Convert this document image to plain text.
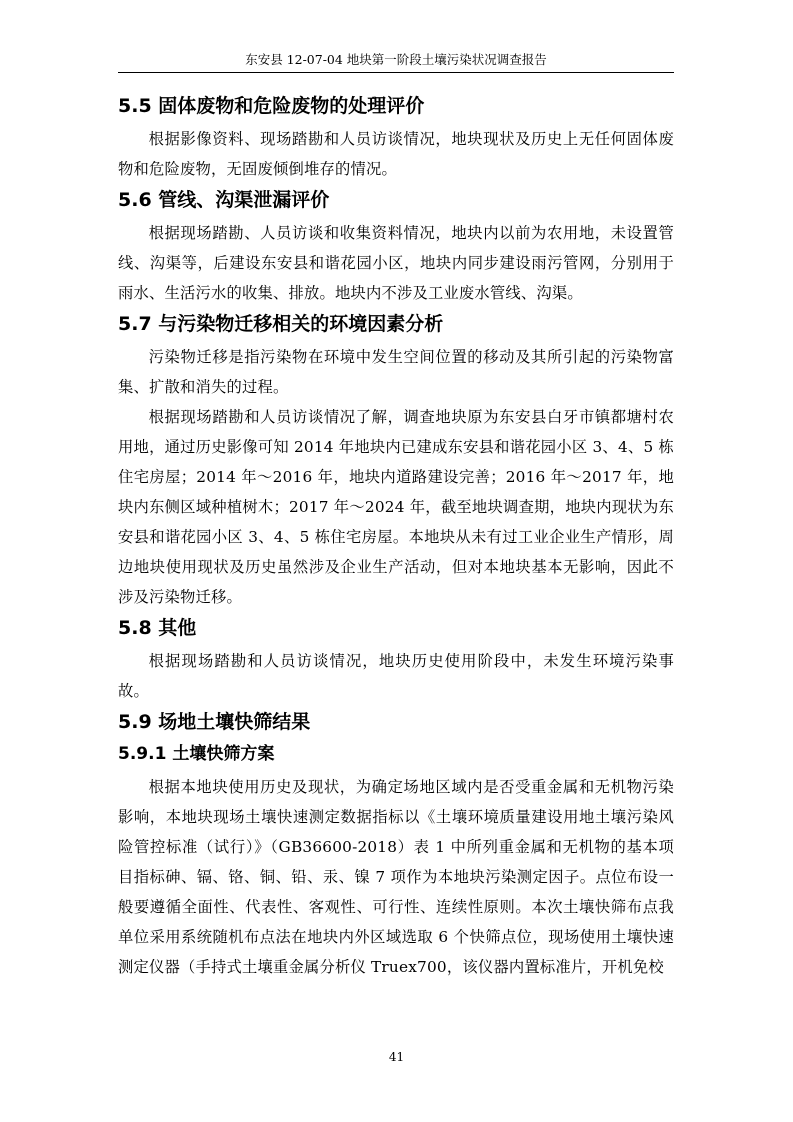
东安县 12-07-04 地块第一阶段土壤污染状况调查报告
5.5 固体废物和危险废物的处理评价

根据影像资料、现场踏勘和人员访谈情况，地块现状及历史上无任何固体废物和危险废物，无固废倾倒堆存的情况。

5.6 管线、沟渠泄漏评价

根据现场踏勘、人员访谈和收集资料情况，地块内以前为农用地，未设置管线、沟渠等，后建设东安县和谐花园小区，地块内同步建设雨污管网，分别用于雨水、生活污水的收集、排放。地块内不涉及工业废水管线、沟渠。

5.7 与污染物迁移相关的环境因素分析

污染物迁移是指污染物在环境中发生空间位置的移动及其所引起的污染物富集、扩散和消失的过程。

根据现场踏勘和人员访谈情况了解，调查地块原为东安县白牙市镇都塘村农用地，通过历史影像可知 2014 年地块内已建成东安县和谐花园小区 3、4、5 栋住宅房屋；2014 年～2016 年，地块内道路建设完善；2016 年～2017 年，地块内东侧区域种植树木；2017 年～2024 年，截至地块调查期，地块内现状为东安县和谐花园小区 3、4、5 栋住宅房屋。本地块从未有过工业企业生产情形，周边地块使用现状及历史虽然涉及企业生产活动，但对本地块基本无影响，因此不涉及污染物迁移。

5.8 其他

根据现场踏勘和人员访谈情况，地块历史使用阶段中，未发生环境污染事故。

5.9 场地土壤快筛结果
5.9.1 土壤快筛方案

根据本地块使用历史及现状，为确定场地区域内是否受重金属和无机物污染影响，本地块现场土壤快速测定数据指标以《土壤环境质量建设用地土壤污染风险管控标准（试行）》（GB36600-2018）表 1 中所列重金属和无机物的基本项目指标砷、镉、铬、铜、铅、汞、镍 7 项作为本地块污染测定因子。点位布设一般要遵循全面性、代表性、客观性、可行性、连续性原则。本次土壤快筛布点我单位采用系统随机布点法在地块内外区域选取 6 个快筛点位，现场使用土壤快速测定仪器（手持式土壤重金属分析仪 Truex700，该仪器内置标准片，开机免校

41
